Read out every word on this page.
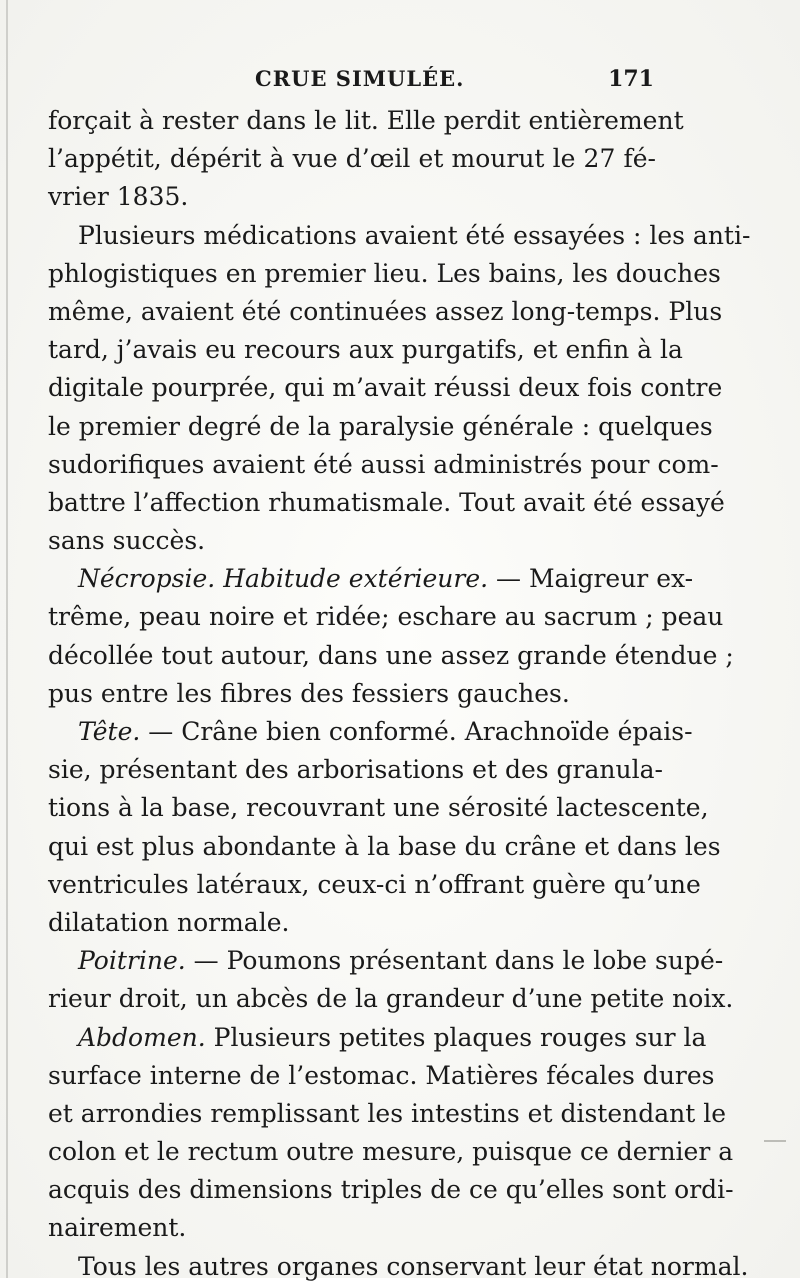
CRUE SIMULÉE.	171
forçait à rester dans le lit. Elle perdit entièrement
l’appétit, dépérit à vue d’œil et mourut le 27 fé-
vrier 1835.
Plusieurs médications avaient été essayées : les anti-
phlogistiques en premier lieu. Les bains, les douches
même, avaient été continuées assez long-temps. Plus
tard, j’avais eu recours aux purgatifs, et enfin à la
digitale pourprée, qui m’avait réussi deux fois contre
le premier degré de la paralysie générale : quelques
sudorifiques avaient été aussi administrés pour com-
battre l’affection rhumatismale. Tout avait été essayé
sans succès.
Nécropsie. Habitude extérieure. — Maigreur ex-
trême, peau noire et ridée; eschare au sacrum ; peau
décollée tout autour, dans une assez grande étendue ;
pus entre les fibres des fessiers gauches.
Tête. — Crâne bien conformé. Arachnoïde épais-
sie, présentant des arborisations et des granula-
tions à la base, recouvrant une sérosité lactescente,
qui est plus abondante à la base du crâne et dans les
ventricules latéraux, ceux-ci n’offrant guère qu’une
dilatation normale.
Poitrine. — Poumons présentant dans le lobe supé-
rieur droit, un abcès de la grandeur d’une petite noix.
Abdomen. Plusieurs petites plaques rouges sur la
surface interne de l’estomac. Matières fécales dures
et arrondies remplissant les intestins et distendant le
colon et le rectum outre mesure, puisque ce dernier a
acquis des dimensions triples de ce qu’elles sont ordi-
nairement.
Tous les autres organes conservant leur état normal.
